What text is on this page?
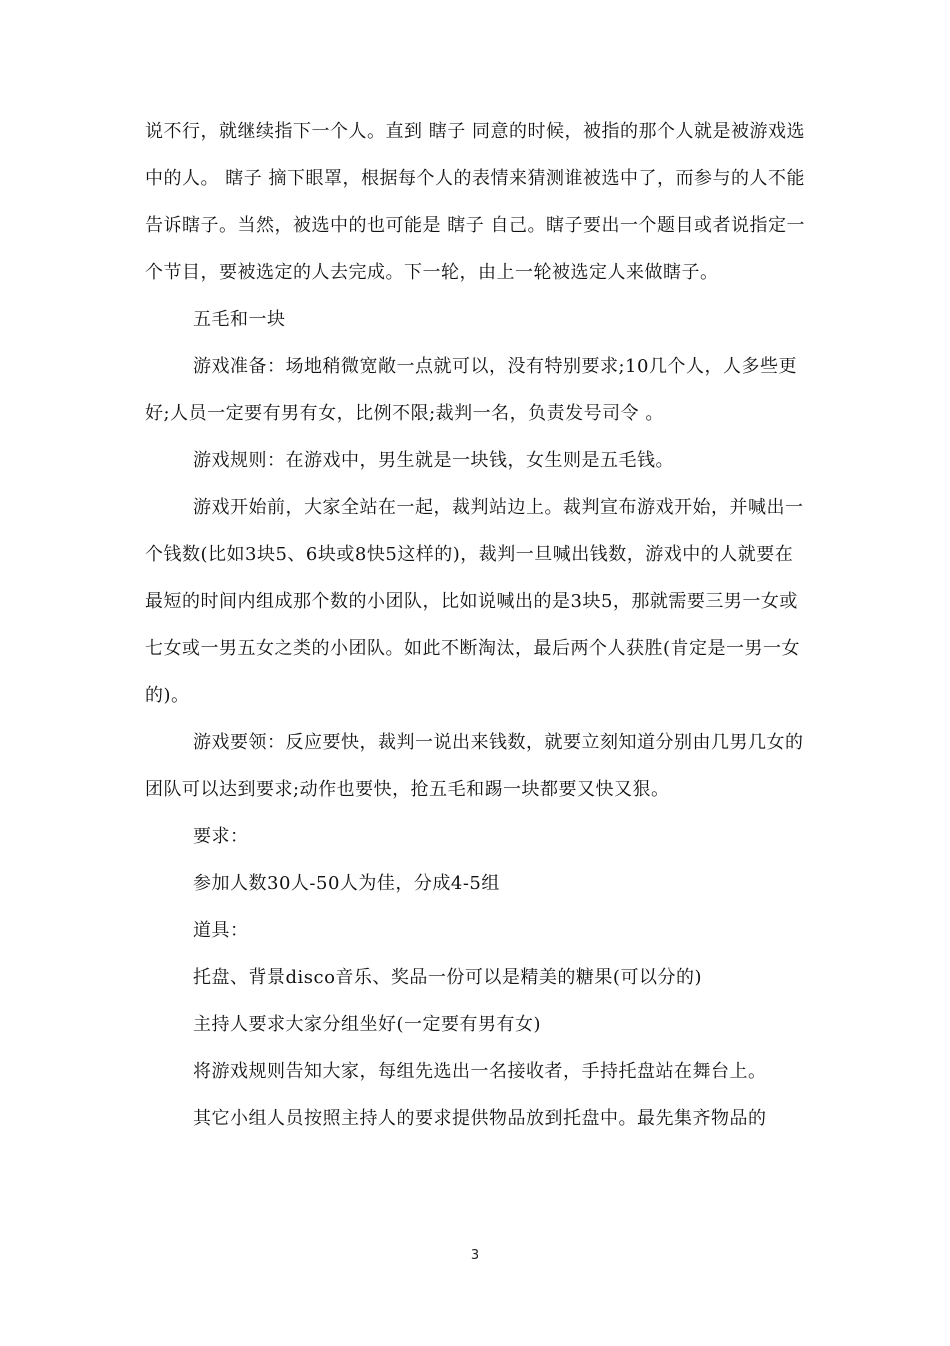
说不行，就继续指下一个人。直到 瞎子 同意的时候，被指的那个人就是被游戏选中的人。 瞎子 摘下眼罩，根据每个人的表情来猜测谁被选中了，而参与的人不能告诉瞎子。当然，被选中的也可能是 瞎子 自己。瞎子要出一个题目或者说指定一个节目，要被选定的人去完成。下一轮，由上一轮被选定人来做瞎子。

五毛和一块

游戏准备：场地稍微宽敞一点就可以，没有特别要求;10几个人，人多些更好;人员一定要有男有女，比例不限;裁判一名，负责发号司令 。

游戏规则：在游戏中，男生就是一块钱，女生则是五毛钱。

游戏开始前，大家全站在一起，裁判站边上。裁判宣布游戏开始，并喊出一个钱数(比如3块5、6块或8快5这样的)，裁判一旦喊出钱数，游戏中的人就要在最短的时间内组成那个数的小团队，比如说喊出的是3块5，那就需要三男一女或七女或一男五女之类的小团队。如此不断淘汰，最后两个人获胜(肯定是一男一女的)。

游戏要领：反应要快，裁判一说出来钱数，就要立刻知道分别由几男几女的团队可以达到要求;动作也要快，抢五毛和踢一块都要又快又狠。

要求：

参加人数30人-50人为佳，分成4-5组

道具：

托盘、背景disco音乐、奖品一份可以是精美的糖果(可以分的)

主持人要求大家分组坐好(一定要有男有女)

将游戏规则告知大家，每组先选出一名接收者，手持托盘站在舞台上。

其它小组人员按照主持人的要求提供物品放到托盘中。最先集齐物品的

3
